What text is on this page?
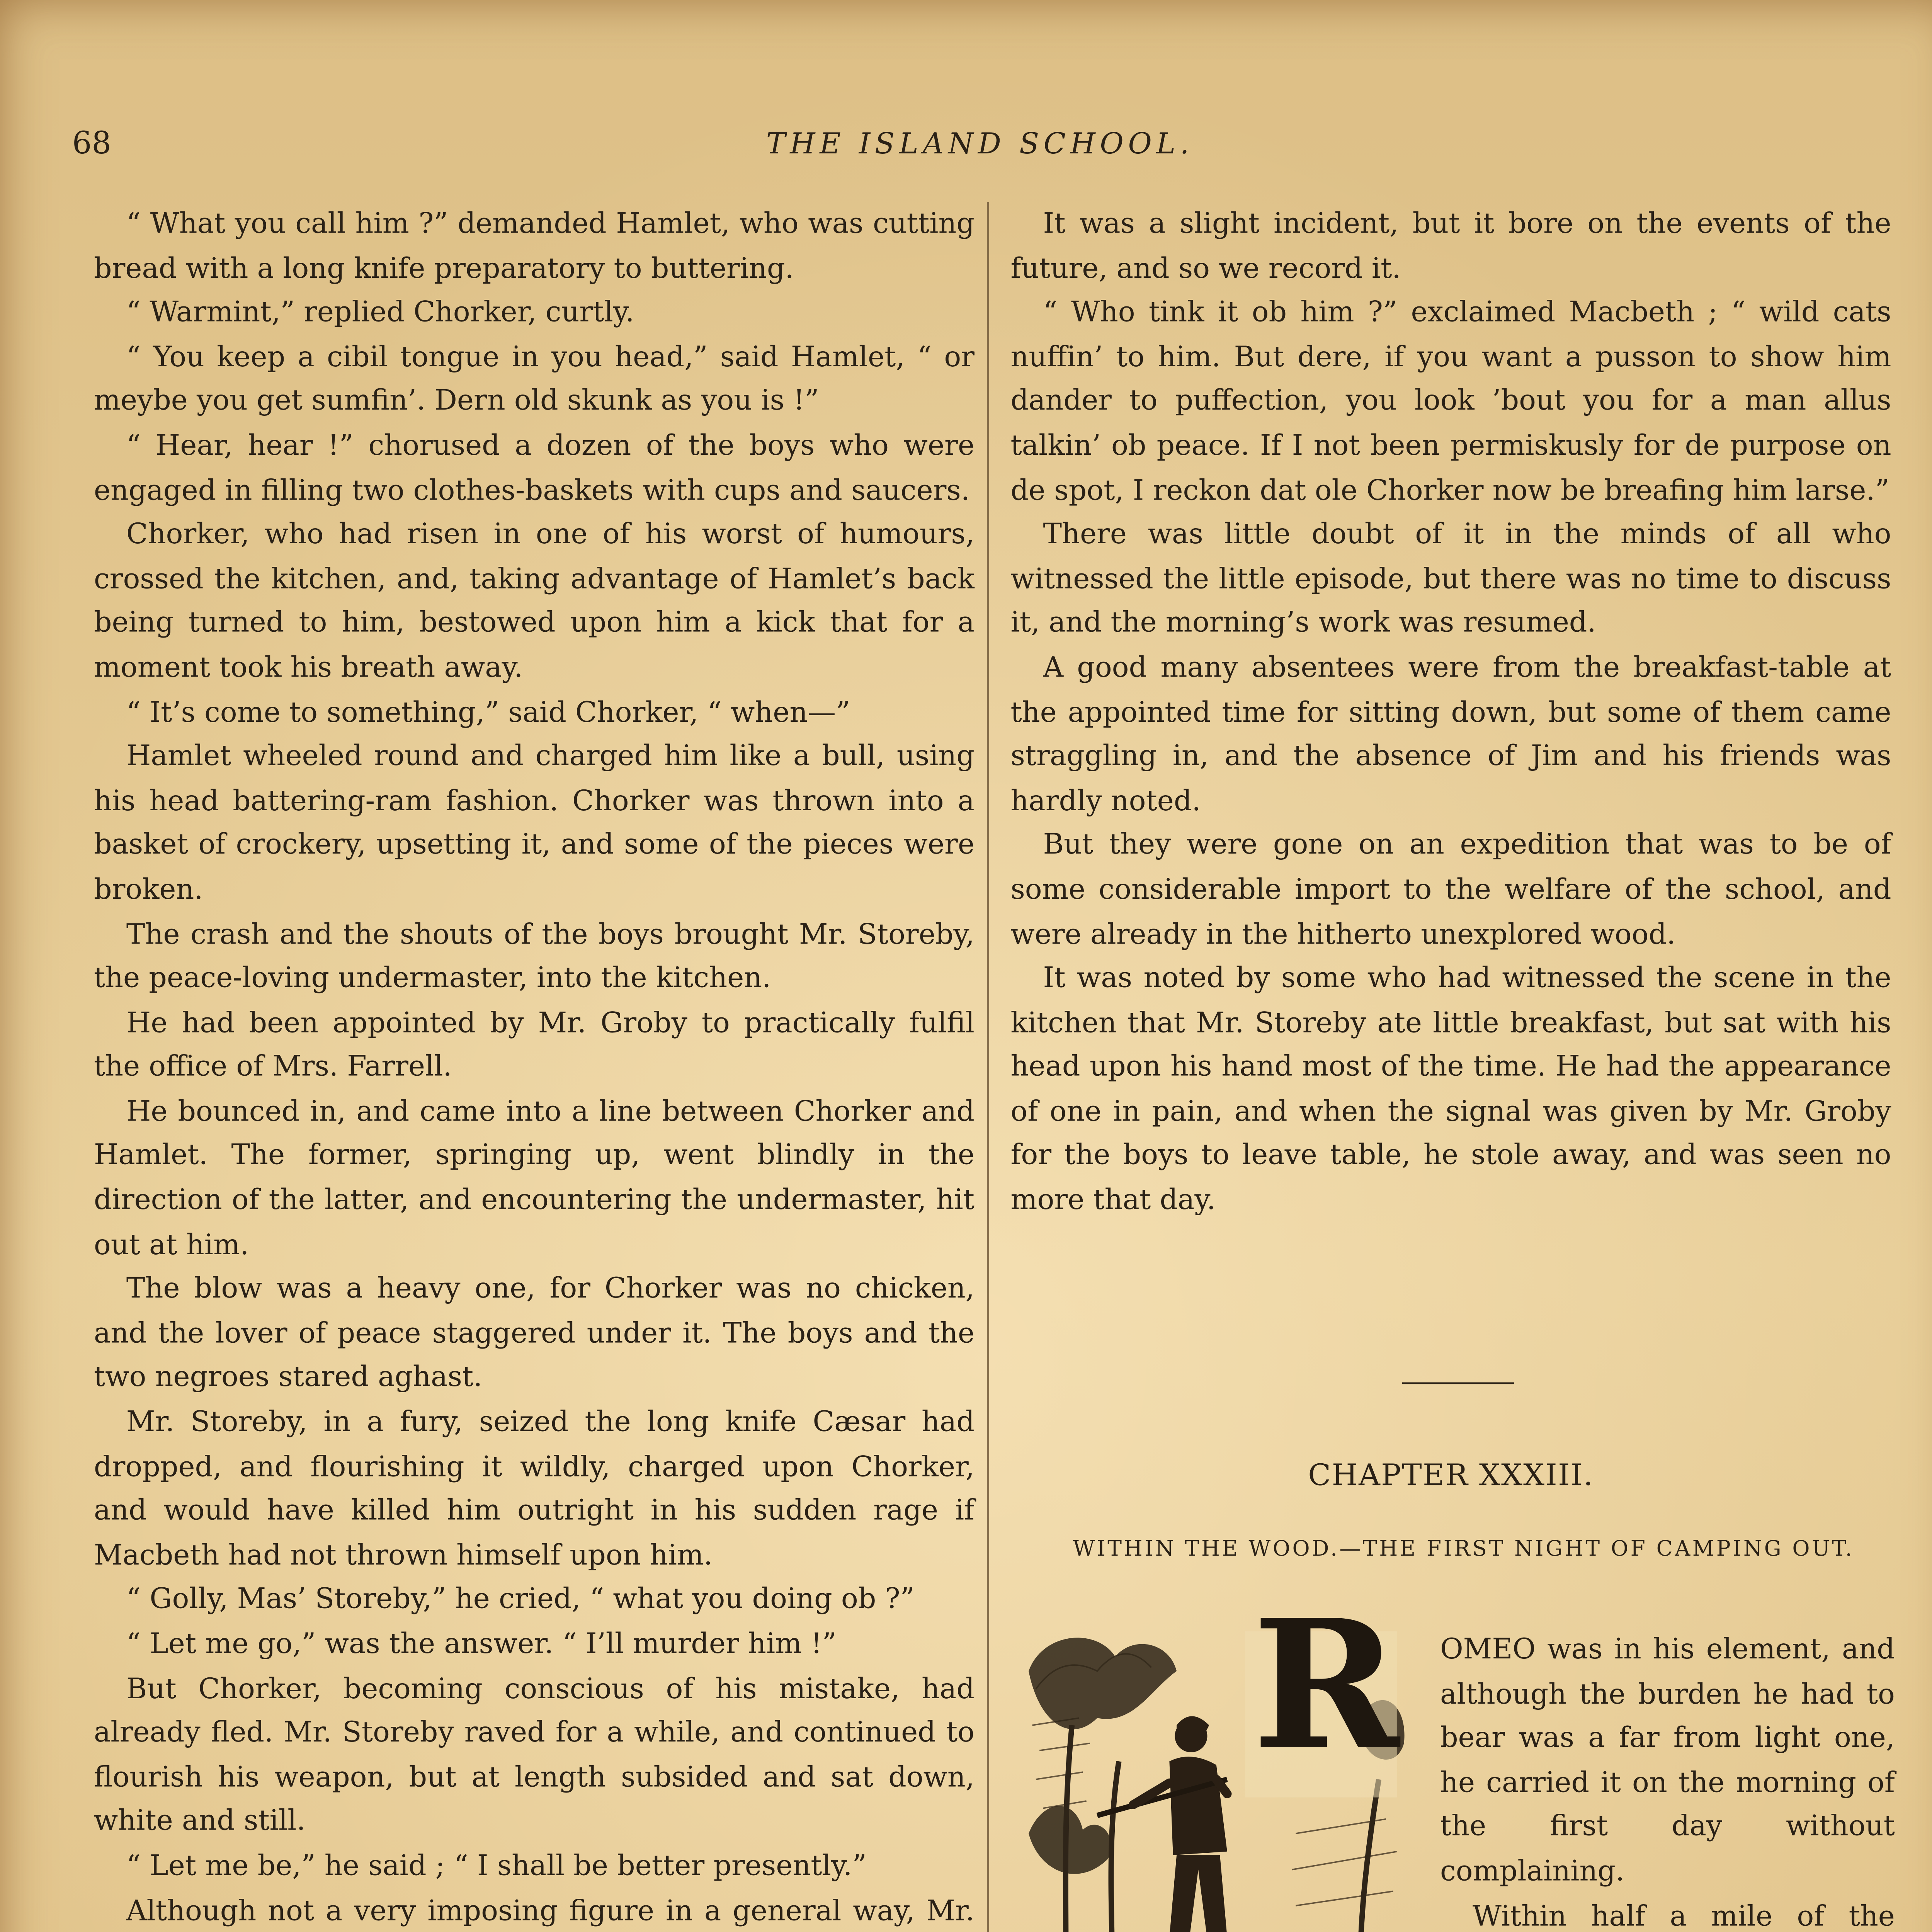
68	THE ISLAND SCHOOL.

“ What you call him ?” demanded Hamlet, who was cutting bread with a long knife preparatory to buttering.

“ Warmint,” replied Chorker, curtly.

“ You keep a cibil tongue in you head,” said Hamlet, “ or meybe you get sumfin’. Dern old skunk as you is !”

“ Hear, hear !” chorused a dozen of the boys who were engaged in filling two clothes-baskets with cups and saucers.

Chorker, who had risen in one of his worst of humours, crossed the kitchen, and, taking advantage of Hamlet’s back being turned to him, bestowed upon him a kick that for a moment took his breath away.

“ It’s come to something,” said Chorker, “ when—”

Hamlet wheeled round and charged him like a bull, using his head battering-ram fashion. Chorker was thrown into a basket of crockery, upsetting it, and some of the pieces were broken.

The crash and the shouts of the boys brought Mr. Storeby, the peace-loving undermaster, into the kitchen.

He had been appointed by Mr. Groby to practically fulfil the office of Mrs. Farrell.

He bounced in, and came into a line between Chorker and Hamlet. The former, springing up, went blindly in the direction of the latter, and encountering the undermaster, hit out at him.

The blow was a heavy one, for Chorker was no chicken, and the lover of peace staggered under it. The boys and the two negroes stared aghast.

Mr. Storeby, in a fury, seized the long knife Cæsar had dropped, and flourishing it wildly, charged upon Chorker, and would have killed him outright in his sudden rage if Macbeth had not thrown himself upon him.

“ Golly, Mas’ Storeby,” he cried, “ what you doing ob ?”

“ Let me go,” was the answer. “ I’ll murder him !”

But Chorker, becoming conscious of his mistake, had already fled. Mr. Storeby raved for a while, and continued to flourish his weapon, but at length subsided and sat down, white and still.

“ Let me be,” he said ; “ I shall be better presently.”

Although not a very imposing figure in a general way, Mr.

It was a slight incident, but it bore on the events of the future, and so we record it.

“ Who tink it ob him ?” exclaimed Macbeth ; “ wild cats nuffin’ to him. But dere, if you want a pusson to show him dander to puffection, you look ’bout you for a man allus talkin’ ob peace. If I not been permiskusly for de purpose on de spot, I reckon dat ole Chorker now be breafing him larse.”

There was little doubt of it in the minds of all who witnessed the little episode, but there was no time to discuss it, and the morning’s work was resumed.

A good many absentees were from the breakfast-table at the appointed time for sitting down, but some of them came straggling in, and the absence of Jim and his friends was hardly noted.

But they were gone on an expedition that was to be of some considerable import to the welfare of the school, and were already in the hitherto unexplored wood.

It was noted by some who had witnessed the scene in the kitchen that Mr. Storeby ate little breakfast, but sat with his head upon his hand most of the time. He had the appearance of one in pain, and when the signal was given by Mr. Groby for the boys to leave table, he stole away, and was seen no more that day.

CHAPTER XXXIII.
WITHIN THE WOOD.—THE FIRST NIGHT OF CAMPING OUT.
R	OMEO was in his element, and although the burden he had to bear was a far from light one, he carried it on the morning of the first day without complaining.

Within half a mile of the
